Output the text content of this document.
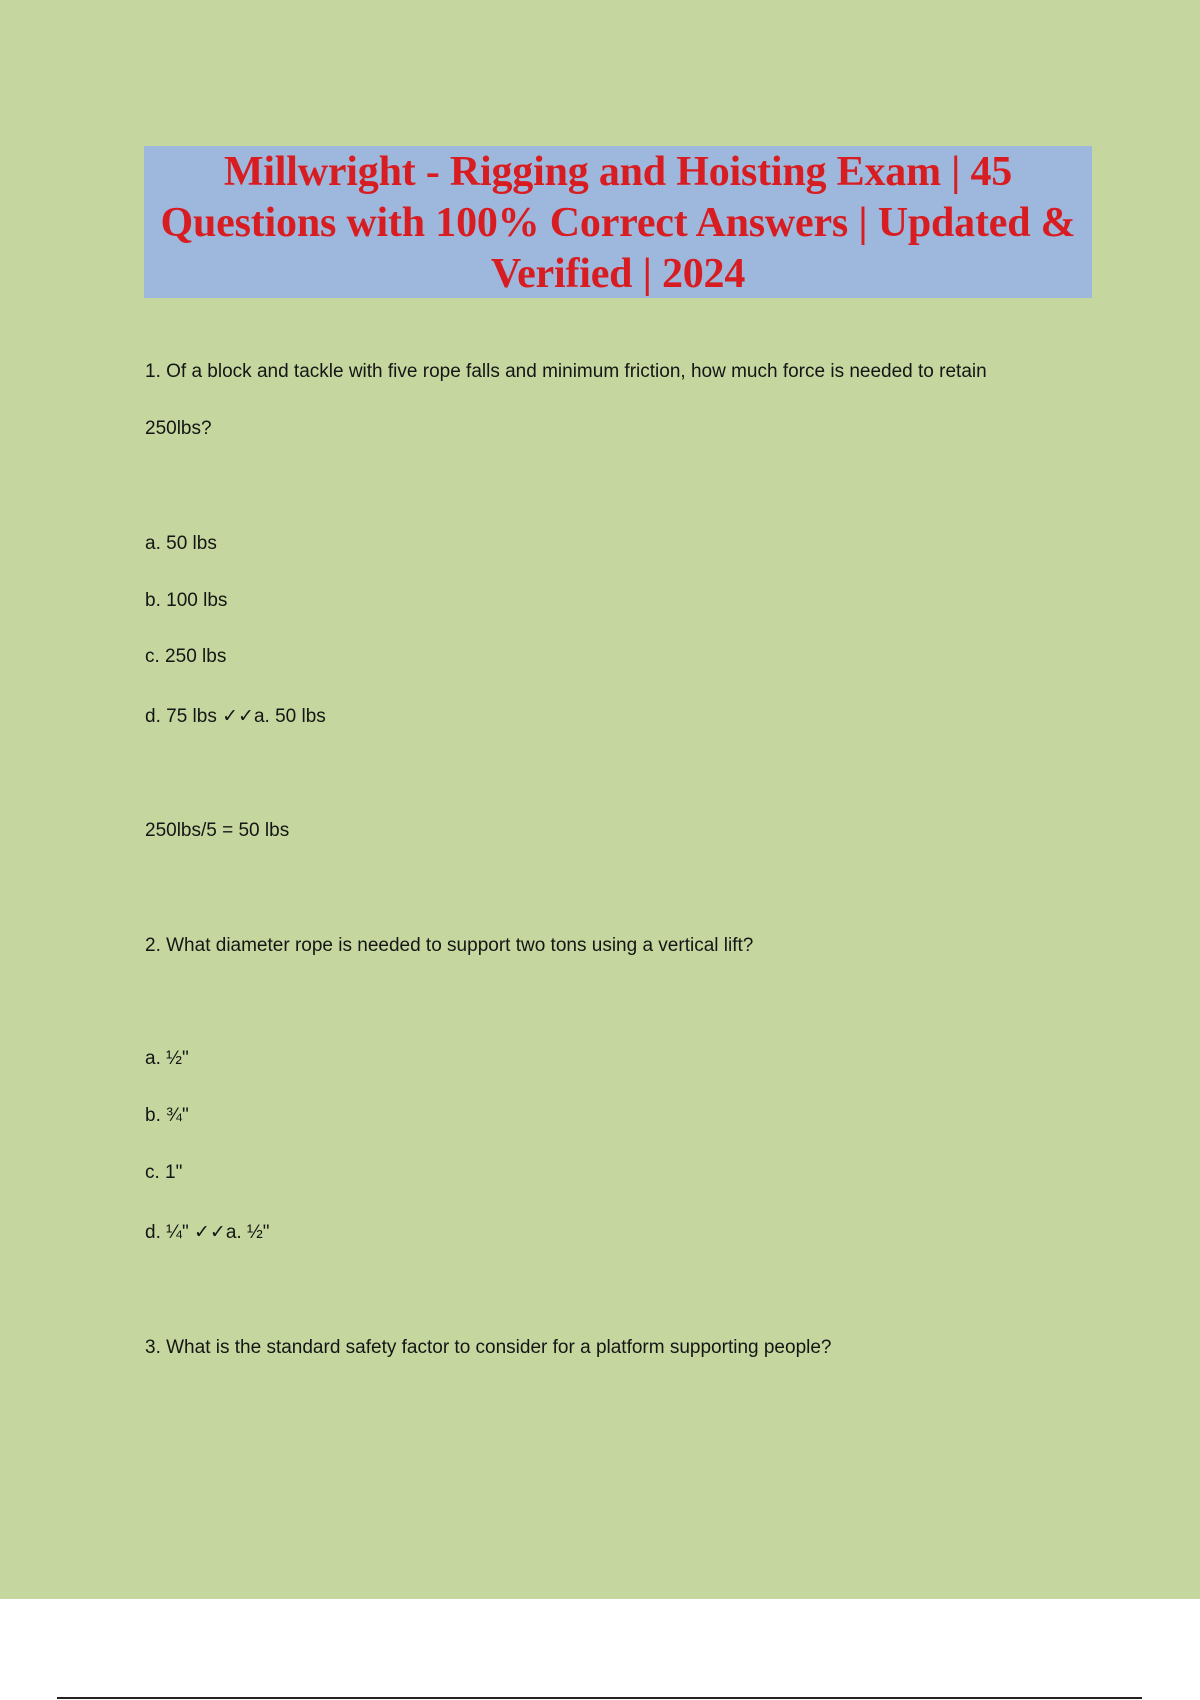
Millwright - Rigging and Hoisting Exam | 45 Questions with 100% Correct Answers | Updated & Verified | 2024

1. Of a block and tackle with five rope falls and minimum friction, how much force is needed to retain

250lbs?

a. 50 lbs

b. 100 lbs

c. 250 lbs

d. 75 lbs ✓✓a. 50 lbs

250lbs/5 = 50 lbs

2. What diameter rope is needed to support two tons using a vertical lift?

a. ½"

b. ¾"

c. 1"

d. ¼" ✓✓a. ½"

3. What is the standard safety factor to consider for a platform supporting people?
